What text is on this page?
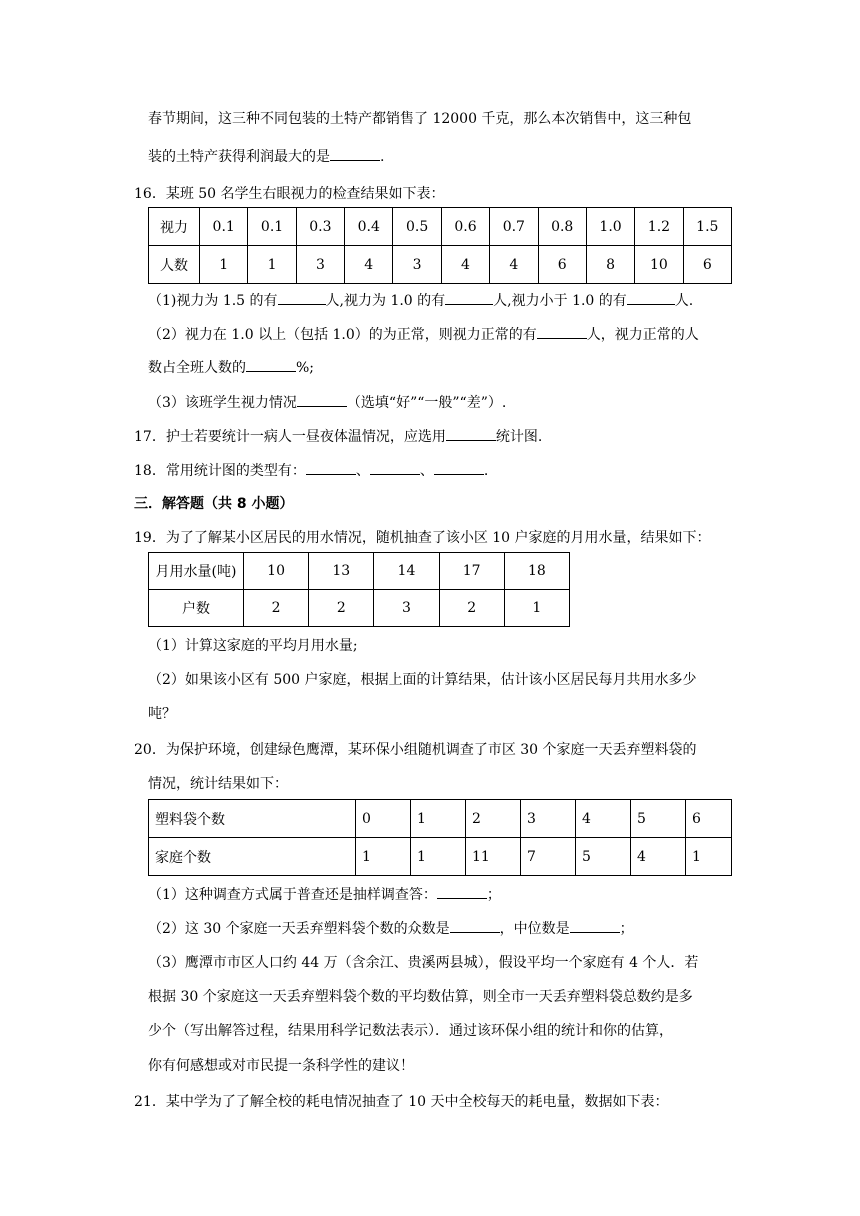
春节期间，这三种不同包装的土特产都销售了 12000 千克，那么本次销售中，这三种包
装的土特产获得利润最大的是	.
16．某班 50 名学生右眼视力的检查结果如下表：
视力	0.1	0.1	0.3	0.4	0.5	0.6	0.7	0.8	1.0	1.2	1.5
人数	1	1	3	4	3	4	4	6	8	10	6
（1)视力为 1.5 的有	人,视力为 1.0 的有	人,视力小于 1.0 的有	人.
（2）视力在 1.0 以上（包括 1.0）的为正常，则视力正常的有	人，视力正常的人
数占全班人数的	%;
（3）该班学生视力情况	（选填“好”“一般”“差”）.
17．护士若要统计一病人一昼夜体温情况，应选用	统计图.
18．常用统计图的类型有：	、	、	.
三．解答题（共 8 小题）
19．为了了解某小区居民的用水情况，随机抽查了该小区 10 户家庭的月用水量，结果如下：
月用水量(吨)	10	13	14	17	18
户数	2	2	3	2	1
（1）计算这家庭的平均月用水量;
（2）如果该小区有 500 户家庭，根据上面的计算结果，估计该小区居民每月共用水多少
吨？
20．为保护环境，创建绿色鹰潭，某环保小组随机调查了市区 30 个家庭一天丢弃塑料袋的
情况，统计结果如下：
塑料袋个数	0	1	2	3	4	5	6
家庭个数	1	1	11	7	5	4	1
（1）这种调查方式属于普查还是抽样调查答：	；
（2）这 30 个家庭一天丢弃塑料袋个数的众数是	，中位数是	；
（3）鹰潭市市区人口约 44 万（含余江、贵溪两县城），假设平均一个家庭有 4 个人．若
根据 30 个家庭这一天丢弃塑料袋个数的平均数估算，则全市一天丢弃塑料袋总数约是多
少个（写出解答过程，结果用科学记数法表示）．通过该环保小组的统计和你的估算，
你有何感想或对市民提一条科学性的建议！
21．某中学为了了解全校的耗电情况抽查了 10 天中全校每天的耗电量，数据如下表：
